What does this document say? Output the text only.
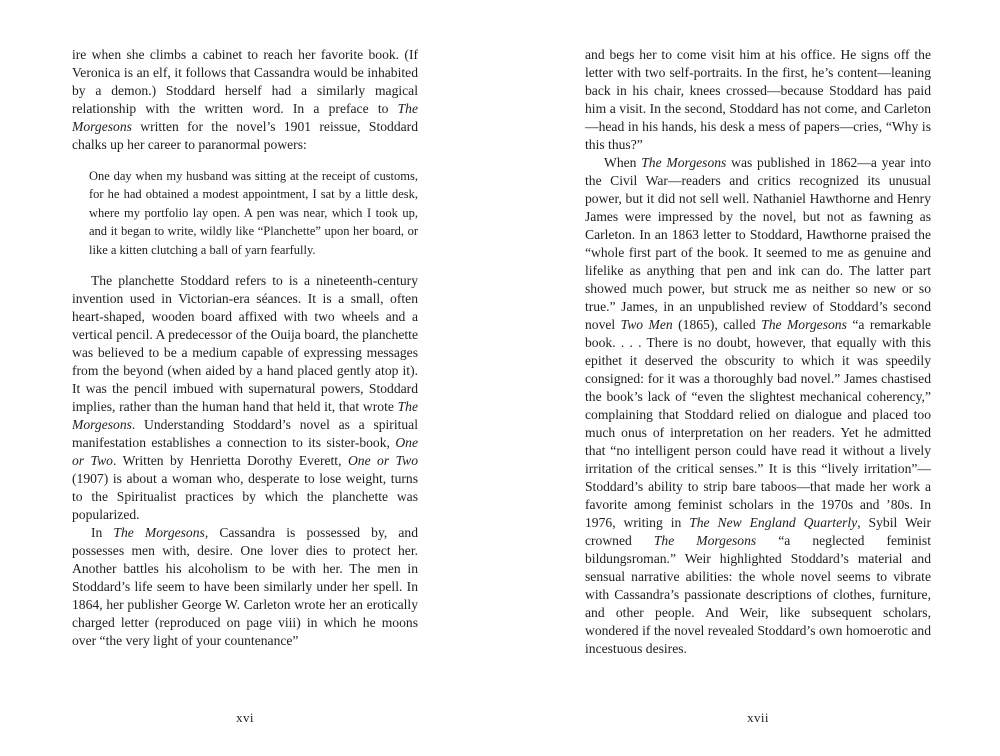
ire when she climbs a cabinet to reach her favorite book. (If Veronica is an elf, it follows that Cassandra would be inhabited by a demon.) Stoddard herself had a similarly magical relationship with the written word. In a preface to The Morgesons written for the novel’s 1901 reissue, Stoddard chalks up her career to paranormal powers:

One day when my husband was sitting at the receipt of customs, for he had obtained a modest appointment, I sat by a little desk, where my portfolio lay open. A pen was near, which I took up, and it began to write, wildly like “Planchette” upon her board, or like a kitten clutching a ball of yarn fearfully.

The planchette Stoddard refers to is a nineteenth-century invention used in Victorian-era séances. It is a small, often heart-shaped, wooden board affixed with two wheels and a vertical pencil. A predecessor of the Ouija board, the planchette was believed to be a medium capable of expressing messages from the beyond (when aided by a hand placed gently atop it). It was the pencil imbued with supernatural powers, Stoddard implies, rather than the human hand that held it, that wrote The Morgesons. Understanding Stoddard’s novel as a spiritual manifestation establishes a connection to its sister-book, One or Two. Written by Henrietta Dorothy Everett, One or Two (1907) is about a woman who, desperate to lose weight, turns to the Spiritualist practices by which the planchette was popularized.

In The Morgesons, Cassandra is possessed by, and possesses men with, desire. One lover dies to protect her. Another battles his alcoholism to be with her. The men in Stoddard’s life seem to have been similarly under her spell. In 1864, her publisher George W. Carleton wrote her an erotically charged letter (reproduced on page viii) in which he moons over “the very light of your countenance”

xvi

and begs her to come visit him at his office. He signs off the letter with two self-portraits. In the first, he’s content—leaning back in his chair, knees crossed—because Stoddard has paid him a visit. In the second, Stoddard has not come, and Carleton—head in his hands, his desk a mess of papers—cries, “Why is this thus?”

When The Morgesons was published in 1862—a year into the Civil War—readers and critics recognized its unusual power, but it did not sell well. Nathaniel Hawthorne and Henry James were impressed by the novel, but not as fawning as Carleton. In an 1863 letter to Stoddard, Hawthorne praised the “whole first part of the book. It seemed to me as genuine and lifelike as anything that pen and ink can do. The latter part showed much power, but struck me as neither so new or so true.” James, in an unpublished review of Stoddard’s second novel Two Men (1865), called The Morgesons “a remarkable book. . . . There is no doubt, however, that equally with this epithet it deserved the obscurity to which it was speedily consigned: for it was a thoroughly bad novel.” James chastised the book’s lack of “even the slightest mechanical coherency,” complaining that Stoddard relied on dialogue and placed too much onus of interpretation on her readers. Yet he admitted that “no intelligent person could have read it without a lively irritation of the critical senses.” It is this “lively irritation”—Stoddard’s ability to strip bare taboos—that made her work a favorite among feminist scholars in the 1970s and ’80s. In 1976, writing in The New England Quarterly, Sybil Weir crowned The Morgesons “a neglected feminist bildungsroman.” Weir highlighted Stoddard’s material and sensual narrative abilities: the whole novel seems to vibrate with Cassandra’s passionate descriptions of clothes, furniture, and other people. And Weir, like subsequent scholars, wondered if the novel revealed Stoddard’s own homoerotic and incestuous desires.

xvii
